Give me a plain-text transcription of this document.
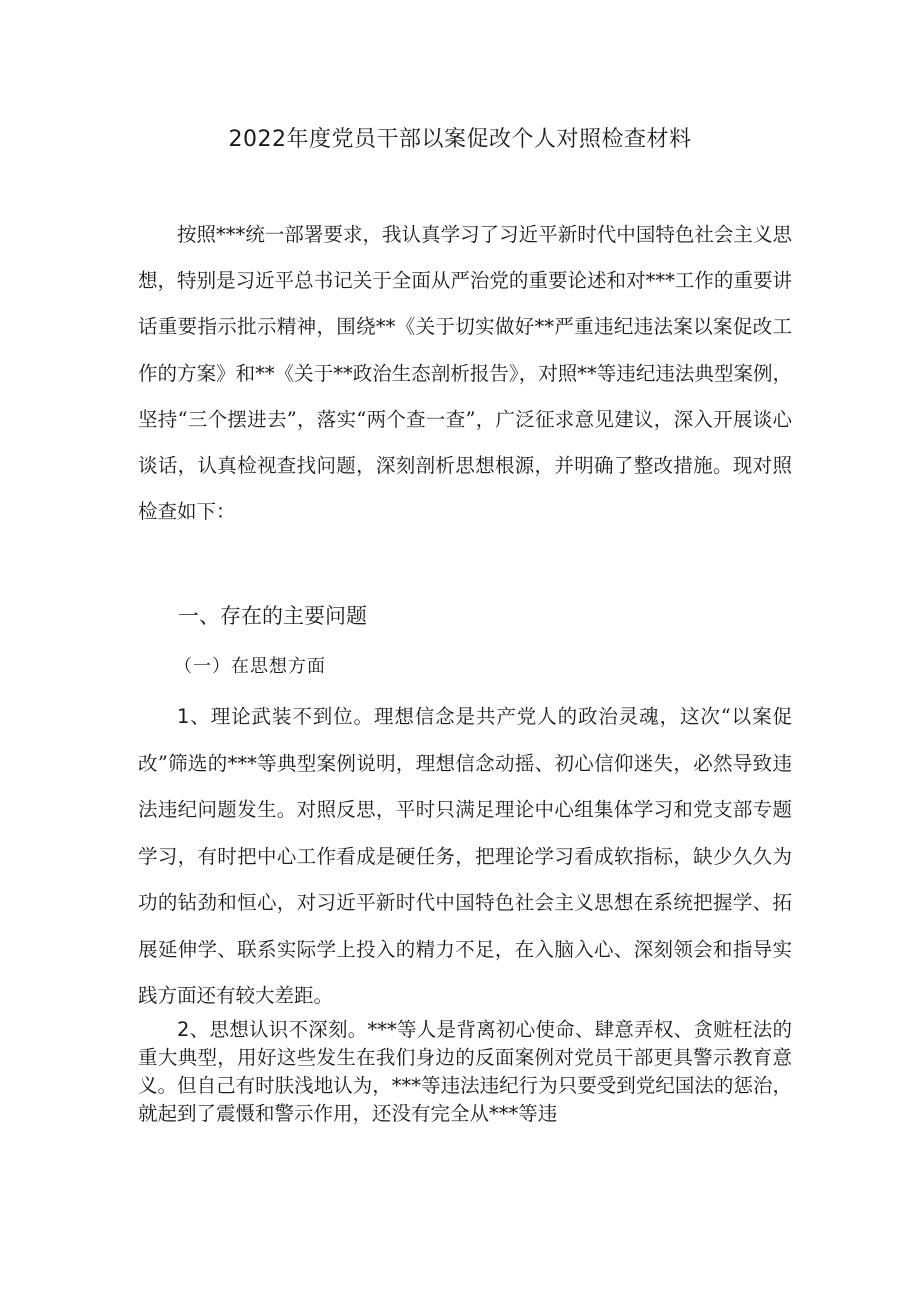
2022年度党员干部以案促改个人对照检查材料

按照***统一部署要求，我认真学习了习近平新时代中国特色社会主义思想，特别是习近平总书记关于全面从严治党的重要论述和对***工作的重要讲话重要指示批示精神，围绕**《关于切实做好**严重违纪违法案以案促改工作的方案》和**《关于**政治生态剖析报告》，对照**等违纪违法典型案例，坚持“三个摆进去”，落实“两个查一查”，广泛征求意见建议，深入开展谈心谈话，认真检视查找问题，深刻剖析思想根源，并明确了整改措施。现对照检查如下：

一、存在的主要问题

（一）在思想方面

1、理论武装不到位。理想信念是共产党人的政治灵魂，这次“以案促改”筛选的***等典型案例说明，理想信念动摇、初心信仰迷失，必然导致违法违纪问题发生。对照反思，平时只满足理论中心组集体学习和党支部专题学习，有时把中心工作看成是硬任务，把理论学习看成软指标，缺少久久为功的钻劲和恒心，对习近平新时代中国特色社会主义思想在系统把握学、拓展延伸学、联系实际学上投入的精力不足，在入脑入心、深刻领会和指导实践方面还有较大差距。

2、思想认识不深刻。***等人是背离初心使命、肆意弄权、贪赃枉法的重大典型，用好这些发生在我们身边的反面案例对党员干部更具警示教育意义。但自己有时肤浅地认为，***等违法违纪行为只要受到党纪国法的惩治，就起到了震慑和警示作用，还没有完全从***等违
